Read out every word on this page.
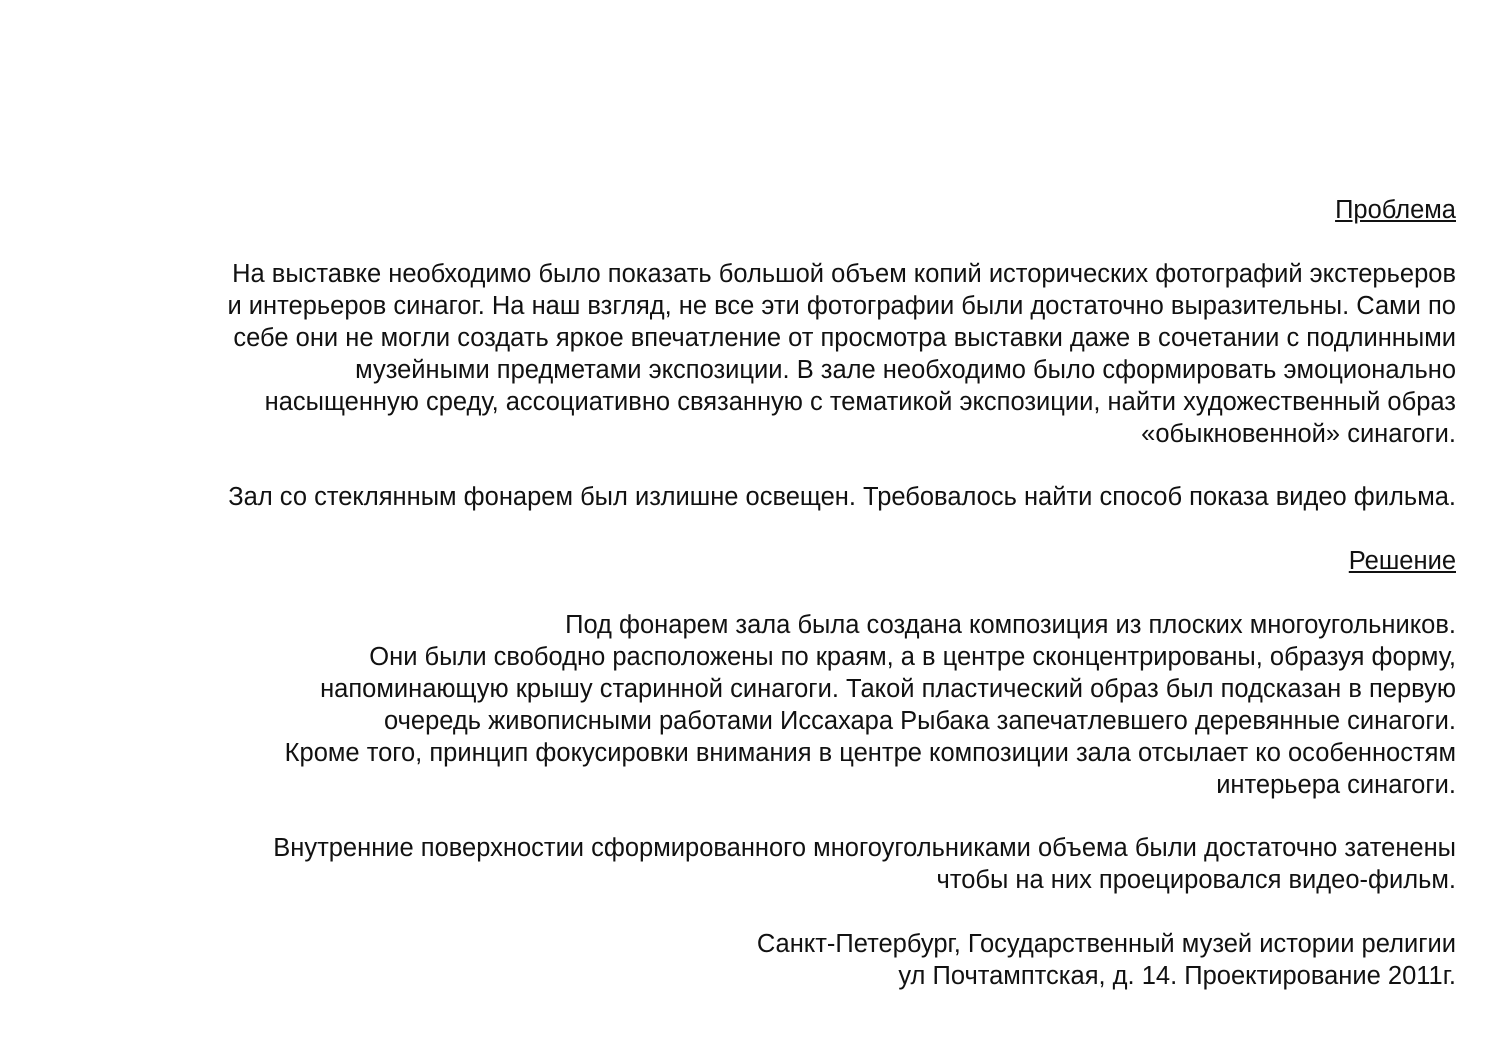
Проблема
На выставке необходимо было показать большой объем копий исторических фотографий экстерьеров
и интерьеров синагог. На наш взгляд, не все эти фотографии были достаточно выразительны. Сами по
себе они не могли создать яркое впечатление от просмотра выставки даже в сочетании с подлинными
музейными предметами экспозиции. В зале необходимо было сформировать эмоционально
насыщенную среду, ассоциативно связанную с тематикой экспозиции, найти художественный образ
«обыкновенной» синагоги.
Зал со стеклянным фонарем был излишне освещен. Требовалось найти способ показа видео фильма.
Решение
Под фонарем зала была создана композиция из плоских многоугольников.
Они были свободно расположены по краям, а в центре сконцентрированы, образуя форму,
напоминающую крышу старинной синагоги. Такой пластический образ был подсказан в первую
очередь живописными работами Иссахара Рыбака запечатлевшего деревянные синагоги.
Кроме того, принцип фокусировки внимания в центре композиции зала отсылает ко особенностям
интерьера синагоги.
Внутренние поверхностии сформированного многоугольниками объема были достаточно затенены
чтобы на них проецировался видео-фильм.
Санкт-Петербург, Государственный музей истории религии
ул Почтамптская, д. 14. Проектирование 2011г.
